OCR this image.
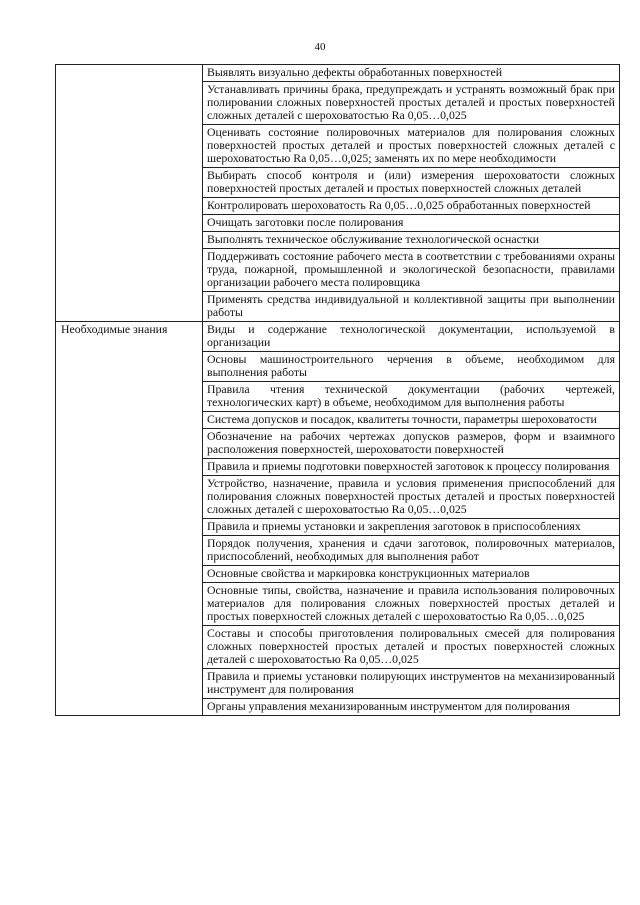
40
	Выявлять визуально дефекты обработанных поверхностей
	Устанавливать причины брака, предупреждать и устранять возможный брак при полировании сложных поверхностей простых деталей и простых поверхностей сложных деталей с шероховатостью Ra 0,05…0,025
	Оценивать состояние полировочных материалов для полирования сложных поверхностей простых деталей и простых поверхностей сложных деталей с шероховатостью Ra 0,05…0,025; заменять их по мере необходимости
	Выбирать способ контроля и (или) измерения шероховатости сложных поверхностей простых деталей и простых поверхностей сложных деталей
	Контролировать шероховатость Ra 0,05…0,025 обработанных поверхностей
	Очищать заготовки после полирования
	Выполнять техническое обслуживание технологической оснастки
	Поддерживать состояние рабочего места в соответствии с требованиями охраны труда, пожарной, промышленной и экологической безопасности, правилами организации рабочего места полировщика
	Применять средства индивидуальной и коллективной защиты при выполнении работы
Необходимые знания	Виды и содержание технологической документации, используемой в организации
	Основы машиностроительного черчения в объеме, необходимом для выполнения работы
	Правила чтения технической документации (рабочих чертежей, технологических карт) в объеме, необходимом для выполнения работы
	Система допусков и посадок, квалитеты точности, параметры шероховатости
	Обозначение на рабочих чертежах допусков размеров, форм и взаимного расположения поверхностей, шероховатости поверхностей
	Правила и приемы подготовки поверхностей заготовок к процессу полирования
	Устройство, назначение, правила и условия применения приспособлений для полирования сложных поверхностей простых деталей и простых поверхностей сложных деталей с шероховатостью Ra 0,05…0,025
	Правила и приемы установки и закрепления заготовок в приспособлениях
	Порядок получения, хранения и сдачи заготовок, полировочных материалов, приспособлений, необходимых для выполнения работ
	Основные свойства и маркировка конструкционных материалов
	Основные типы, свойства, назначение и правила использования полировочных материалов для полирования сложных поверхностей простых деталей и простых поверхностей сложных деталей с шероховатостью Ra 0,05…0,025
	Составы и способы приготовления полировальных смесей для полирования сложных поверхностей простых деталей и простых поверхностей сложных деталей с шероховатостью Ra 0,05…0,025
	Правила и приемы установки полирующих инструментов на механизированный инструмент для полирования
	Органы управления механизированным инструментом для полирования
